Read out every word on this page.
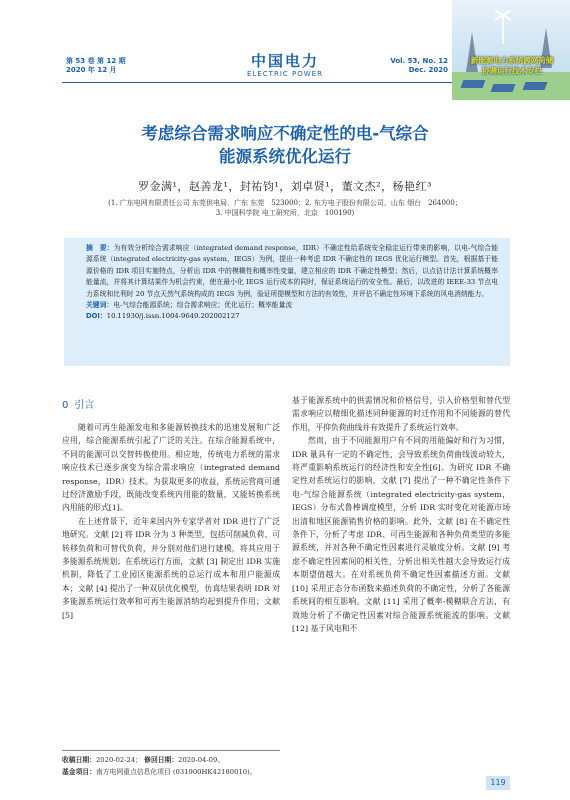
第 53 卷 第 12 期
2020 年 12 月	中国电力
ELECTRIC POWER
Vol. 53, No. 12
Dec. 2020
新能源电力系统源网荷储
协调运行技术专栏
考虑综合需求响应不确定性的电-气综合
能源系统优化运行
罗金满¹，赵善龙¹，封祐钧¹，刘卓贤¹，董文杰²，杨艳红³
(1. 广东电网有限责任公司 东莞供电局，广东 东莞　523000；2. 东方电子股份有限公司，山东 烟台　264000；
3. 中国科学院 电工研究所，北京　100190)
摘　要：为有效分析综合需求响应（integrated demand response，IDR）不确定性给系统安全稳定运行带来的影响，以电-气综合能源系统（integrated electricity-gas system，IEGS）为例，提出一种考虑 IDR 不确定性的 IEGS 优化运行模型。首先，根据基于能源价格的 IDR 项目实施特点，分析出 IDR 中的模糊性和概率性变量，建立相应的 IDR 不确定性模型；然后，以点估计法计算系统概率能量流，并将其计算结果作为机会约束，使在最小化 IEGS 运行成本的同时，保证系统运行的安全性。最后，以改进的 IEEE-33 节点电力系统和比利时 20 节点天然气系统构成的 IEGS 为例，验证所提模型和方法的有效性，并评估不确定性环境下系统的风电消纳能力。
关键词：电-气综合能源系统；综合需求响应；优化运行；概率能量流
DOI：10.11930/j.issn.1004-9649.202002127
0 引言

随着可再生能源发电和多能源转换技术的迅速发展和广泛应用，综合能源系统引起了广泛的关注。在综合能源系统中，不同的能源可以交替转换使用。相应地，传统电力系统的需求响应技术已逐步演变为综合需求响应（integrated demand response，IDR）技术。为获取更多的收益，系统运营商可通过经济激励手段，既能改变系统内用能的数量，又能转换系统内用能的形式[1]。

在上述背景下，近年来国内外专家学者对 IDR 进行了广泛地研究。文献 [2] 将 IDR 分为 3 种类型，包括可削减负荷、可转移负荷和可替代负荷，并分别对他们进行建模，将其应用于多能源系统规划；在系统运行方面，文献 [3] 制定出 IDR 实施机制，降低了工业园区能源系统的总运行成本和用户能源成本；文献 [4] 提出了一种双层优化模型，仿真结果表明 IDR 对多能源系统运行效率和可再生能源消纳均起到提升作用；文献 [5]

基于能源系统中的供需情况和价格信号，引入价格型和替代型需求响应以精细化描述同种能源的时迁作用和不同能源的替代作用，平抑负荷曲线并有效提升了系统运行效率。

然而，由于不同能源用户有不同的用能偏好和行为习惯，IDR 量具有一定的不确定性，会导致系统负荷曲线波动较大，将严重影响系统运行的经济性和安全性[6]。为研究 IDR 不确定性对系统运行的影响，文献 [7] 提出了一种不确定性条件下电-气综合能源系统（integrated electricity-gas system，IEGS）分布式鲁棒调度模型，分析 IDR 实时变化对能源市场出清和地区能源销售价格的影响。此外，文献 [8] 在不确定性条件下，分析了考虑 IDR、可再生能源和各种负荷类型的多能源系统，并对各种不确定性因素进行灵敏度分析。文献 [9] 考虑不确定性因素间的相关性，分析出相关性越大会导致运行成本期望值越大。在对系统负荷不确定性因素描述方面。文献 [10] 采用正态分布函数来描述负荷的不确定性，分析了各能源系统间的相互影响。文献 [11] 采用了概率-模糊联合方法，有效地分析了不确定性因素对综合能源系统能流的影响。文献 [12] 基于风电和不

收稿日期：2020-02-24； 修回日期：2020-04-09。
基金项目：南方电网重点信息化项目 (031900HK42180010)。
119
